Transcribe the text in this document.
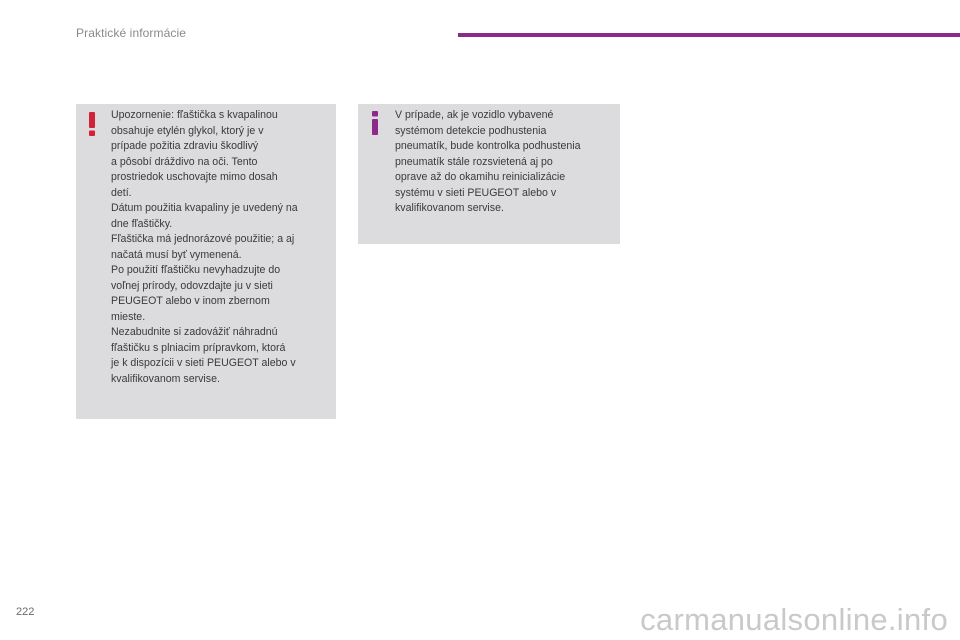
Praktické informácie
Upozornenie: fľaštička s kvapalinou
obsahuje etylén glykol, ktorý je v
prípade požitia zdraviu škodlivý
a pôsobí dráždivo na oči. Tento
prostriedok uschovajte mimo dosah
detí.
Dátum použitia kvapaliny je uvedený na
dne fľaštičky.
Fľaštička má jednorázové použitie; a aj
načatá musí byť vymenená.
Po použití fľaštičku nevyhadzujte do
voľnej prírody, odovzdajte ju v sieti
PEUGEOT alebo v inom zbernom
mieste.
Nezabudnite si zadovážiť náhradnú
fľaštičku s plniacim prípravkom, ktorá
je k dispozícii v sieti PEUGEOT alebo v
kvalifikovanom servise.
V prípade, ak je vozidlo vybavené
systémom detekcie podhustenia
pneumatík, bude kontrolka podhustenia
pneumatík stále rozsvietená aj po
oprave až do okamihu reinicializácie
systému v sieti PEUGEOT alebo v
kvalifikovanom servise.
222	carmanualsonline.info
